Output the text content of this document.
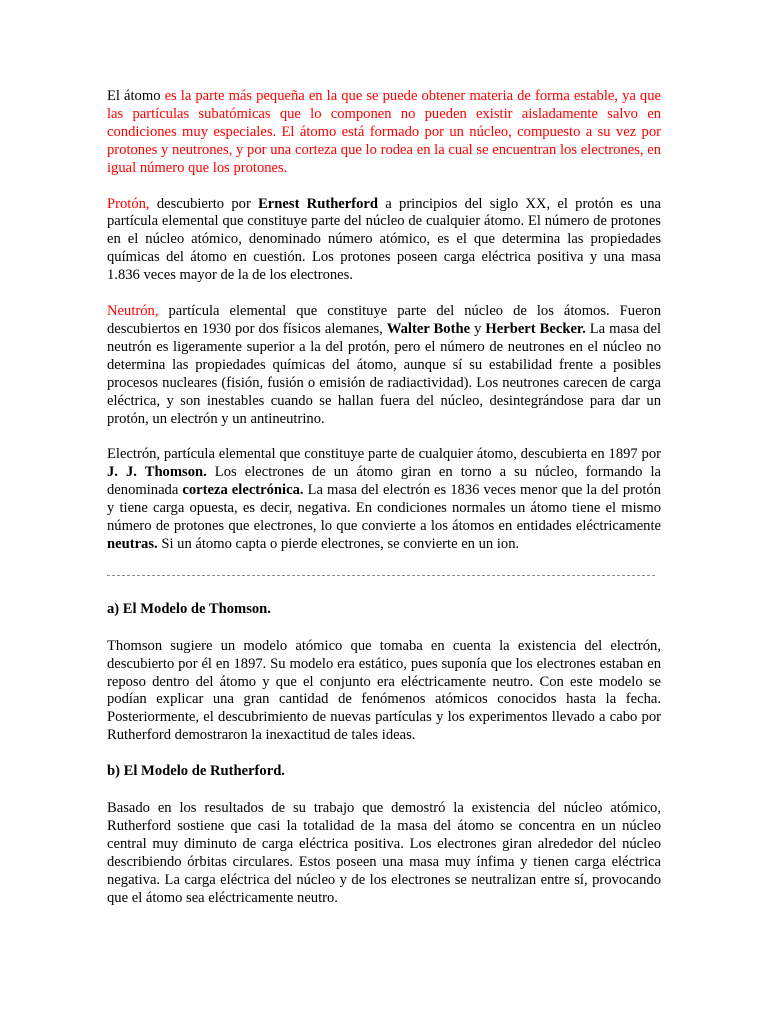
El átomo es la parte más pequeña en la que se puede obtener materia de forma estable, ya que las partículas subatómicas que lo componen no pueden existir aisladamente salvo en condiciones muy especiales. El átomo está formado por un núcleo, compuesto a su vez por protones y neutrones, y por una corteza que lo rodea en la cual se encuentran los electrones, en igual número que los protones.

Protón, descubierto por Ernest Rutherford a principios del siglo XX, el protón es una partícula elemental que constituye parte del núcleo de cualquier átomo. El número de protones en el núcleo atómico, denominado número atómico, es el que determina las propiedades químicas del átomo en cuestión. Los protones poseen carga eléctrica positiva y una masa 1.836 veces mayor de la de los electrones.

Neutrón, partícula elemental que constituye parte del núcleo de los átomos. Fueron descubiertos en 1930 por dos físicos alemanes, Walter Bothe y Herbert Becker. La masa del neutrón es ligeramente superior a la del protón, pero el número de neutrones en el núcleo no determina las propiedades químicas del átomo, aunque sí su estabilidad frente a posibles procesos nucleares (fisión, fusión o emisión de radiactividad). Los neutrones carecen de carga eléctrica, y son inestables cuando se hallan fuera del núcleo, desintegrándose para dar un protón, un electrón y un antineutrino.

Electrón, partícula elemental que constituye parte de cualquier átomo, descubierta en 1897 por J. J. Thomson. Los electrones de un átomo giran en torno a su núcleo, formando la denominada corteza electrónica. La masa del electrón es 1836 veces menor que la del protón y tiene carga opuesta, es decir, negativa. En condiciones normales un átomo tiene el mismo número de protones que electrones, lo que convierte a los átomos en entidades eléctricamente neutras. Si un átomo capta o pierde electrones, se convierte en un ion.

a) El Modelo de Thomson.

Thomson sugiere un modelo atómico que tomaba en cuenta la existencia del electrón, descubierto por él en 1897. Su modelo era estático, pues suponía que los electrones estaban en reposo dentro del átomo y que el conjunto era eléctricamente neutro. Con este modelo se podían explicar una gran cantidad de fenómenos atómicos conocidos hasta la fecha. Posteriormente, el descubrimiento de nuevas partículas y los experimentos llevado a cabo por Rutherford demostraron la inexactitud de tales ideas.

b) El Modelo de Rutherford.

Basado en los resultados de su trabajo que demostró la existencia del núcleo atómico, Rutherford sostiene que casi la totalidad de la masa del átomo se concentra en un núcleo central muy diminuto de carga eléctrica positiva. Los electrones giran alrededor del núcleo describiendo órbitas circulares. Estos poseen una masa muy ínfima y tienen carga eléctrica negativa. La carga eléctrica del núcleo y de los electrones se neutralizan entre sí, provocando que el átomo sea eléctricamente neutro.
